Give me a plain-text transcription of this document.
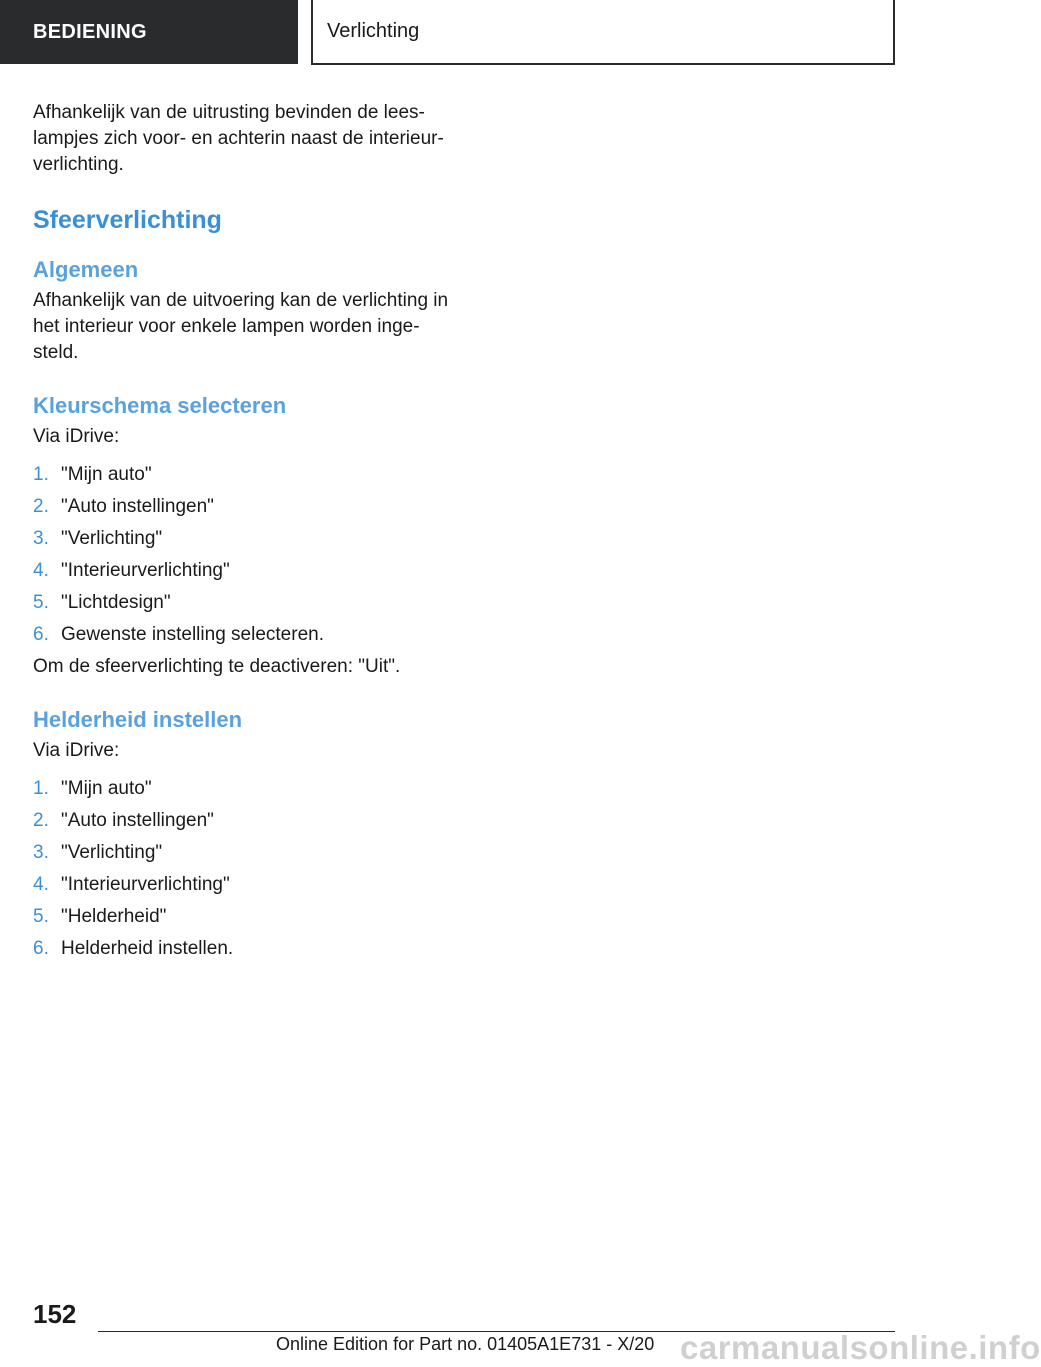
BEDIENING	Verlichting

Afhankelijk van de uitrusting bevinden de leeslampjes zich voor- en achterin naast de interieurverlichting.

Sfeerverlichting
Algemeen

Afhankelijk van de uitvoering kan de verlichting in het interieur voor enkele lampen worden ingesteld.

Kleurschema selecteren

Via iDrive:

1. "Mijn auto"
2. "Auto instellingen"
3. "Verlichting"
4. "Interieurverlichting"
5. "Lichtdesign"
6. Gewenste instelling selecteren.

Om de sfeerverlichting te deactiveren: "Uit".

Helderheid instellen

Via iDrive:

1. "Mijn auto"
2. "Auto instellingen"
3. "Verlichting"
4. "Interieurverlichting"
5. "Helderheid"
6. Helderheid instellen.
152
Online Edition for Part no. 01405A1E731 - X/20 carmanualsonline.info
